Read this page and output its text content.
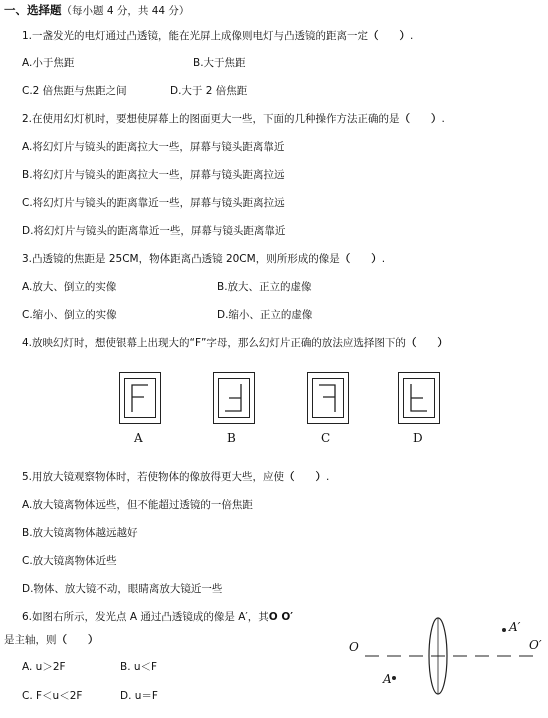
一、选择题（每小题 4 分，共 44 分）
1.一盏发光的电灯通过凸透镜，能在光屏上成像则电灯与凸透镜的距离一定（　　）.
A.小于焦距	B.大于焦距
C.2 倍焦距与焦距之间	D.大于 2 倍焦距
2.在使用幻灯机时，要想使屏幕上的图面更大一些，下面的几种操作方法正确的是（　　）.
A.将幻灯片与镜头的距离拉大一些，屏幕与镜头距离靠近
B.将幻灯片与镜头的距离拉大一些，屏幕与镜头距离拉远
C.将幻灯片与镜头的距离靠近一些，屏幕与镜头距离拉远
D.将幻灯片与镜头的距离靠近一些，屏幕与镜头距离靠近
3.凸透镜的焦距是 25CM，物体距离凸透镜 20CM，则所形成的像是（　　）.
A.放大、倒立的实像	B.放大、正立的虚像
C.缩小、倒立的实像	D.缩小、正立的虚像
4.放映幻灯时，想使银幕上出现大的“F”字母，那么幻灯片正确的放法应选择图下的（　　）
A	B	C	D
5.用放大镜观察物体时，若使物体的像放得更大些，应使（　　）.
A.放大镜离物体远些，但不能超过透镜的一倍焦距
B.放大镜离物体越远越好
C.放大镜离物体近些
D.物体、放大镜不动，眼睛离放大镜近一些
6.如图右所示，发光点 A 通过凸透镜成的像是 A′，其O O′
是主轴，则（　　）
A. u＞2F	B. u＜F
C. F＜u＜2F	D. u＝F
O	O′
A
A′
